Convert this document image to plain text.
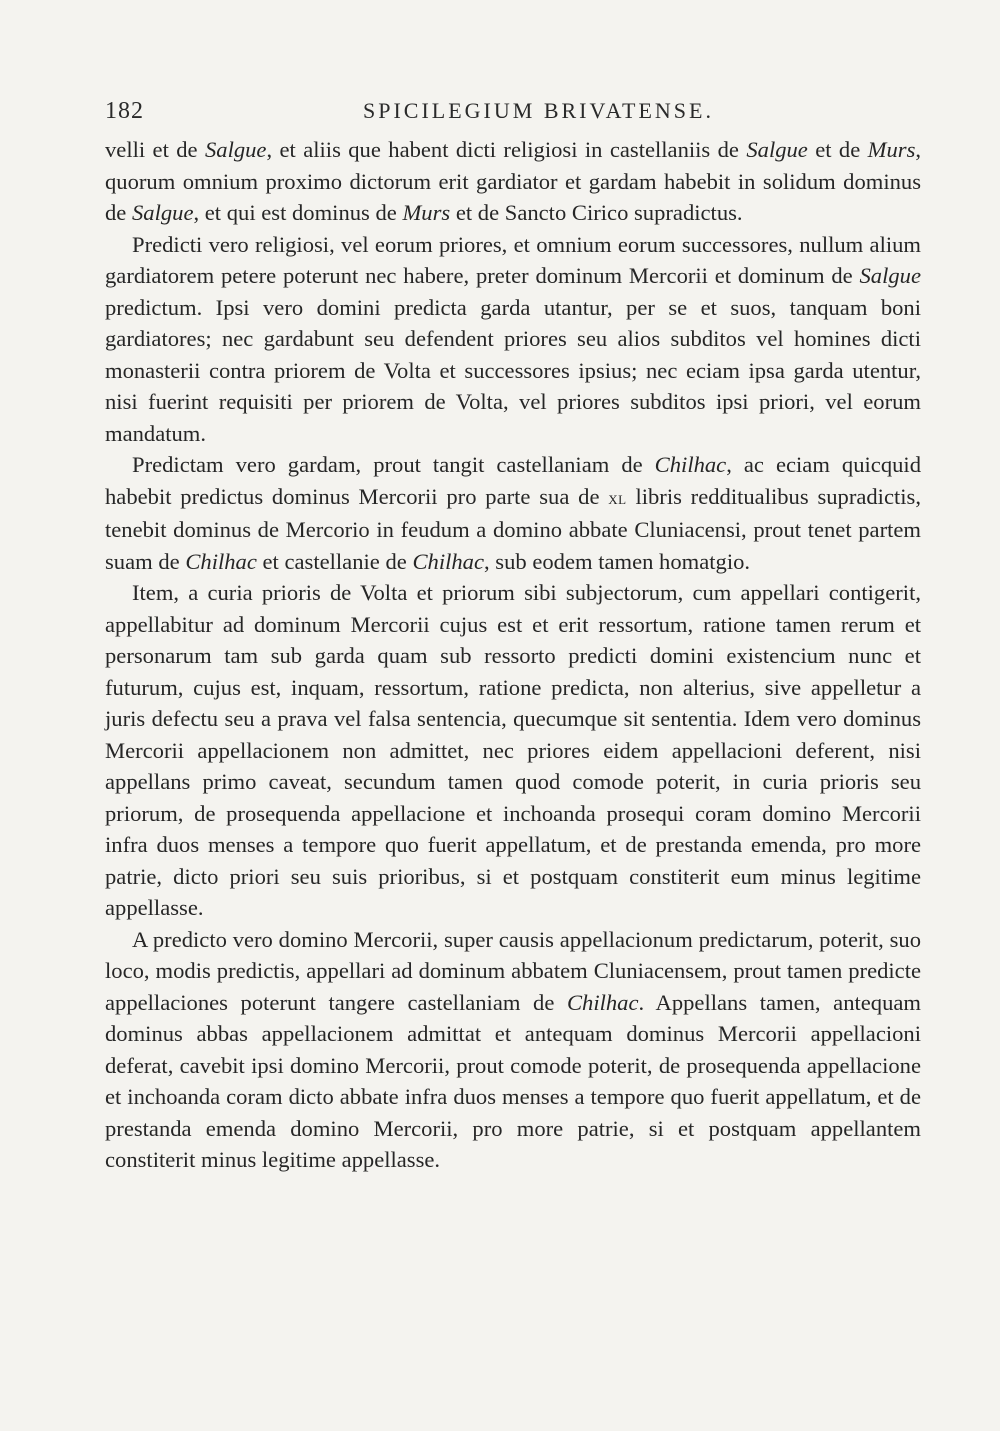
182	SPICILEGIUM BRIVATENSE.

velli et de Salgue, et aliis que habent dicti religiosi in castellaniis de Salgue et de Murs, quorum omnium proximo dictorum erit gardiator et gardam habebit in solidum dominus de Salgue, et qui est dominus de Murs et de Sancto Cirico supradictus.

Predicti vero religiosi, vel eorum priores, et omnium eorum successores, nullum alium gardiatorem petere poterunt nec habere, preter dominum Mercorii et dominum de Salgue predictum. Ipsi vero domini predicta garda utantur, per se et suos, tanquam boni gardiatores; nec gardabunt seu defendent priores seu alios subditos vel homines dicti monasterii contra priorem de Volta et successores ipsius; nec eciam ipsa garda utentur, nisi fuerint requisiti per priorem de Volta, vel priores subditos ipsi priori, vel eorum mandatum.

Predictam vero gardam, prout tangit castellaniam de Chilhac, ac eciam quicquid habebit predictus dominus Mercorii pro parte sua de xl libris redditualibus supradictis, tenebit dominus de Mercorio in feudum a domino abbate Cluniacensi, prout tenet partem suam de Chilhac et castellanie de Chilhac, sub eodem tamen homatgio.

Item, a curia prioris de Volta et priorum sibi subjectorum, cum appellari contigerit, appellabitur ad dominum Mercorii cujus est et erit ressortum, ratione tamen rerum et personarum tam sub garda quam sub ressorto predicti domini existencium nunc et futurum, cujus est, inquam, ressortum, ratione predicta, non alterius, sive appelletur a juris defectu seu a prava vel falsa sentencia, quecumque sit sententia. Idem vero dominus Mercorii appellacionem non admittet, nec priores eidem appellacioni deferent, nisi appellans primo caveat, secundum tamen quod comode poterit, in curia prioris seu priorum, de prosequenda appellacione et inchoanda prosequi coram domino Mercorii infra duos menses a tempore quo fuerit appellatum, et de prestanda emenda, pro more patrie, dicto priori seu suis prioribus, si et postquam constiterit eum minus legitime appellasse.

A predicto vero domino Mercorii, super causis appellacionum predictarum, poterit, suo loco, modis predictis, appellari ad dominum abbatem Cluniacensem, prout tamen predicte appellaciones poterunt tangere castellaniam de Chilhac. Appellans tamen, antequam dominus abbas appellacionem admittat et antequam dominus Mercorii appellacioni deferat, cavebit ipsi domino Mercorii, prout comode poterit, de prosequenda appellacione et inchoanda coram dicto abbate infra duos menses a tempore quo fuerit appellatum, et de prestanda emenda domino Mercorii, pro more patrie, si et postquam appellantem constiterit minus legitime appellasse.
